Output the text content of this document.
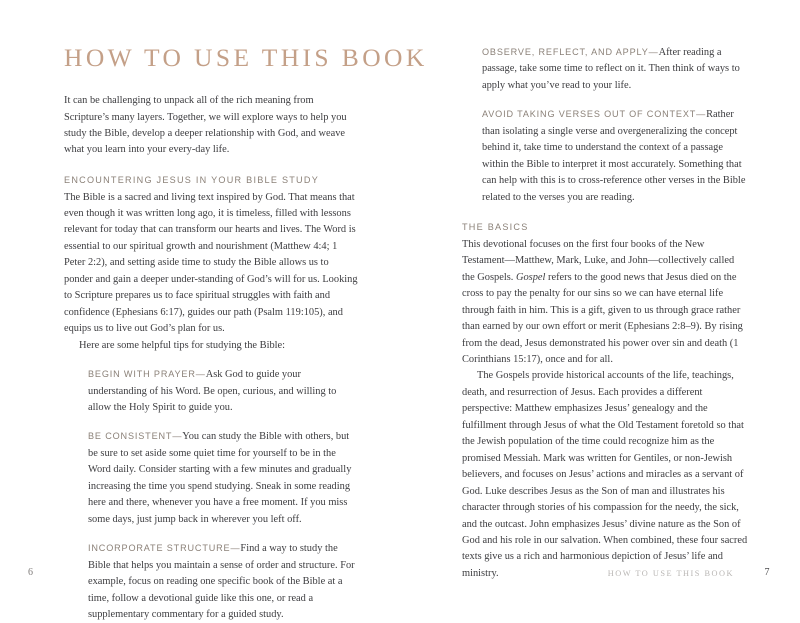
HOW TO USE THIS BOOK

It can be challenging to unpack all of the rich meaning from Scripture’s many layers. Together, we will explore ways to help you study the Bible, develop a deeper relationship with God, and weave what you learn into your every-day life.

ENCOUNTERING JESUS IN YOUR BIBLE STUDY

The Bible is a sacred and living text inspired by God. That means that even though it was written long ago, it is timeless, filled with lessons relevant for today that can transform our hearts and lives. The Word is essential to our spiritual growth and nourishment (Matthew 4:4; 1 Peter 2:2), and setting aside time to study the Bible allows us to ponder and gain a deeper under-standing of God’s will for us. Looking to Scripture prepares us to face spiritual struggles with faith and confidence (Ephesians 6:17), guides our path (Psalm 119:105), and equips us to live out God’s plan for us.

Here are some helpful tips for studying the Bible:

BEGIN WITH PRAYER—Ask God to guide your understanding of his Word. Be open, curious, and willing to allow the Holy Spirit to guide you.
BE CONSISTENT—You can study the Bible with others, but be sure to set aside some quiet time for yourself to be in the Word daily. Consider starting with a few minutes and gradually increasing the time you spend studying. Sneak in some reading here and there, whenever you have a free moment. If you miss some days, just jump back in wherever you left off.
INCORPORATE STRUCTURE—Find a way to study the Bible that helps you maintain a sense of order and structure. For example, focus on reading one specific book of the Bible at a time, follow a devotional guide like this one, or read a supplementary commentary for a guided study.
6
OBSERVE, REFLECT, AND APPLY—After reading a passage, take some time to reflect on it. Then think of ways to apply what you’ve read to your life.
AVOID TAKING VERSES OUT OF CONTEXT—Rather than isolating a single verse and overgeneralizing the concept behind it, take time to understand the context of a passage within the Bible to interpret it most accurately. Something that can help with this is to cross-reference other verses in the Bible related to the verses you are reading.
THE BASICS

This devotional focuses on the first four books of the New Testament—Matthew, Mark, Luke, and John—collectively called the Gospels. Gospel refers to the good news that Jesus died on the cross to pay the penalty for our sins so we can have eternal life through faith in him. This is a gift, given to us through grace rather than earned by our own effort or merit (Ephesians 2:8–9). By rising from the dead, Jesus demonstrated his power over sin and death (1 Corinthians 15:17), once and for all.

The Gospels provide historical accounts of the life, teachings, death, and resurrection of Jesus. Each provides a different perspective: Matthew emphasizes Jesus’ genealogy and the fulfillment through Jesus of what the Old Testament foretold so that the Jewish population of the time could recognize him as the promised Messiah. Mark was written for Gentiles, or non-Jewish believers, and focuses on Jesus’ actions and miracles as a servant of God. Luke describes Jesus as the Son of man and illustrates his character through stories of his compassion for the needy, the sick, and the outcast. John emphasizes Jesus’ divine nature as the Son of God and his role in our salvation. When combined, these four sacred texts give us a rich and harmonious depiction of Jesus’ life and ministry.	HOW TO USE THIS BOOK	7
